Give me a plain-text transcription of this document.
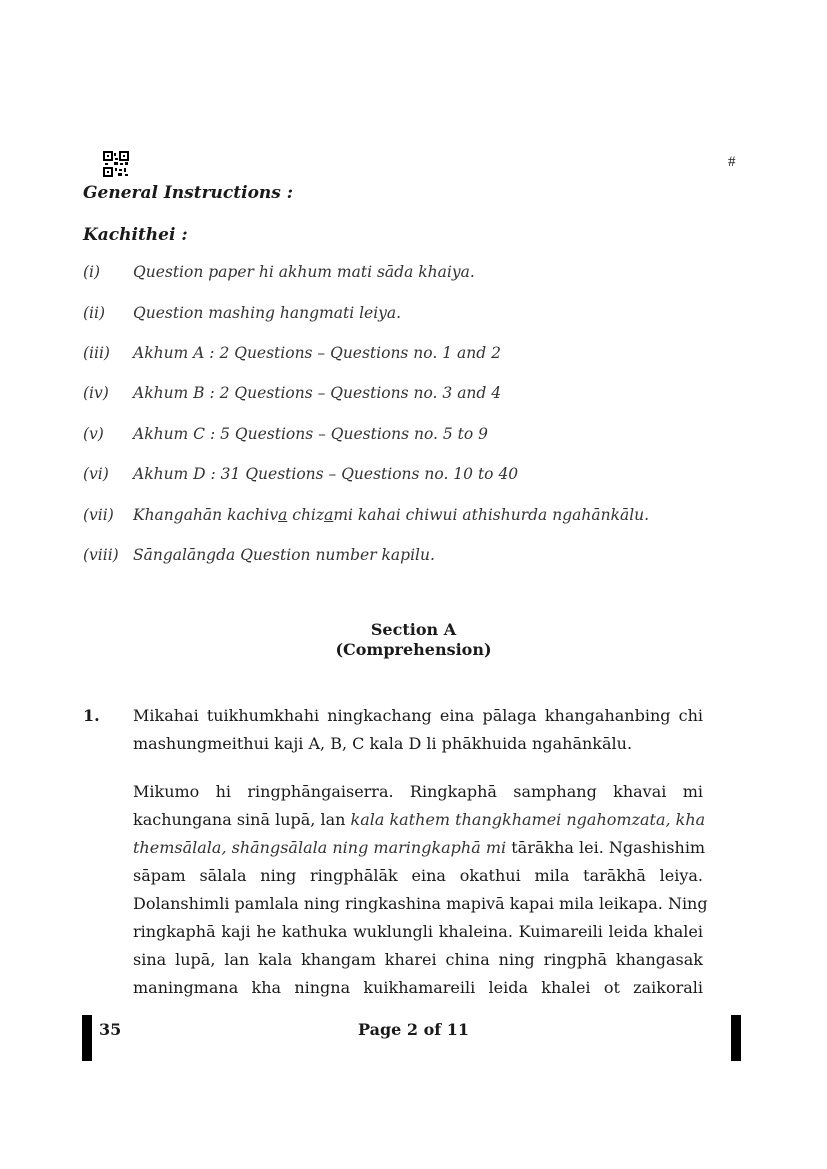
#
General Instructions :
Kachithei :
(i) Question paper hi akhum mati sāda khaiya.
(ii) Question mashing hangmati leiya.
(iii) Akhum A : 2 Questions – Questions no. 1 and 2
(iv) Akhum B : 2 Questions – Questions no. 3 and 4
(v) Akhum C : 5 Questions – Questions no. 5 to 9
(vi) Akhum D : 31 Questions – Questions no. 10 to 40
(vii) Khangahān kachiva chizami kahai chiwui athishurda ngahānkālu.
(viii) Sāngalāngda Question number kapilu.
Section A
(Comprehension)
1. Mikahai tuikhumkhahi ningkachang eina pālaga khangahanbing chi
mashungmeithui kaji A, B, C kala D li phākhuida ngahānkālu.
Mikumo hi ringphāngaiserra. Ringkaphā samphang khavai mi
kachungana sinā lupā, lan kala kathem thangkhamei ngahomzata, kha
themsālala, shāngsālala ning maringkaphā mi tārākha lei. Ngashishim
sāpam sālala ning ringphālāk eina okathui mila tarākhā leiya.
Dolanshimli pamlala ning ringkashina mapivā kapai mila leikapa. Ning
ringkaphā kaji he kathuka wuklungli khaleina. Kuimareili leida khalei
sina lupā, lan kala khangam kharei china ning ringphā khangasak
maningmana kha ningna kuikhamareili leida khalei ot zaikorali
35	Page 2 of 11
